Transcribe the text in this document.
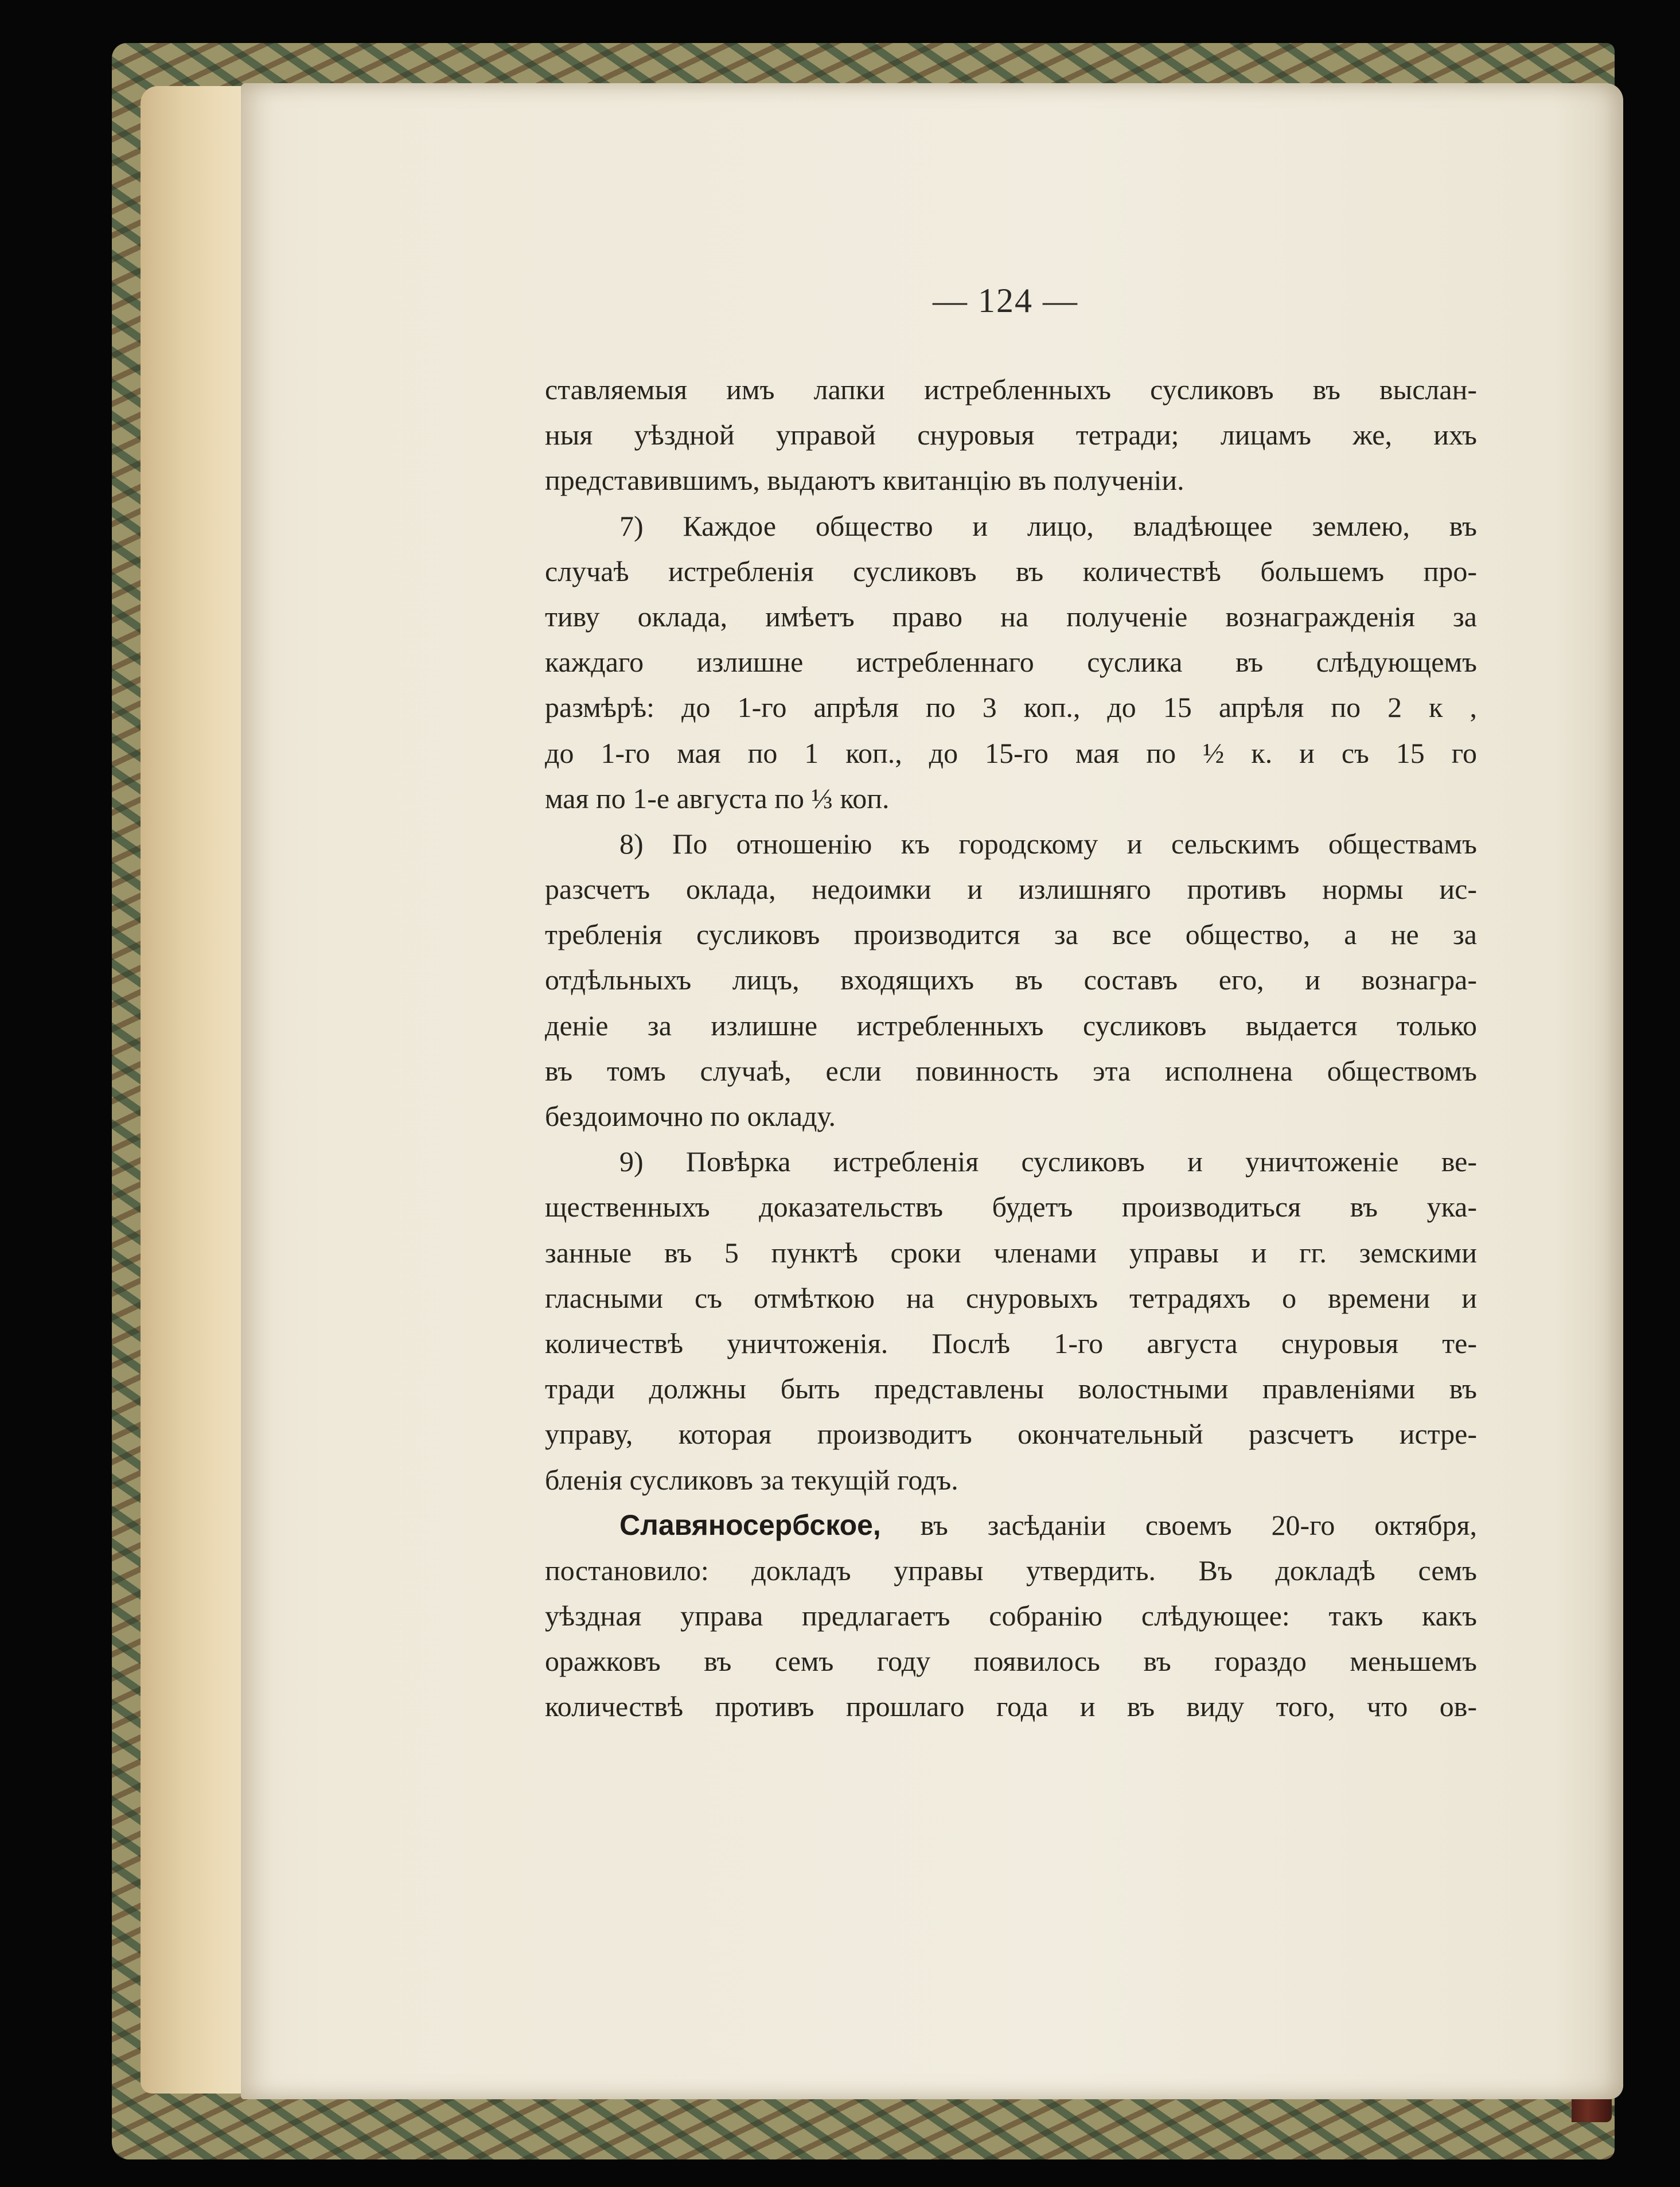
— 124 —
ставляемыя имъ лапки истребленныхъ сусликовъ въ выслан-
ныя уѣздной управой снуровыя тетради; лицамъ же, ихъ
представившимъ, выдаютъ квитанцію въ полученіи.
7) Каждое общество и лицо, владѣющее землею, въ
случаѣ истребленія сусликовъ въ количествѣ большемъ про-
тиву оклада, имѣетъ право на полученіе вознагражденія за
каждаго излишне истребленнаго суслика въ слѣдующемъ
размѣрѣ: до 1-го апрѣля по 3 коп., до 15 апрѣля по 2 к ,
до 1-го мая по 1 коп., до 15-го мая по ½ к. и съ 15 го
мая по 1-е августа по ⅓ коп.
8) По отношенію къ городскому и сельскимъ обществамъ
разсчетъ оклада, недоимки и излишняго противъ нормы ис-
требленія сусликовъ производится за все общество, а не за
отдѣльныхъ лицъ, входящихъ въ составъ его, и вознагра-
деніе за излишне истребленныхъ сусликовъ выдается только
въ томъ случаѣ, если повинность эта исполнена обществомъ
бездоимочно по окладу.
9) Повѣрка истребленія сусликовъ и уничтоженіе ве-
щественныхъ доказательствъ будетъ производиться въ ука-
занные въ 5 пунктѣ сроки членами управы и гг. земскими
гласными съ отмѣткою на снуровыхъ тетрадяхъ о времени и
количествѣ уничтоженія. Послѣ 1-го августа снуровыя те-
тради должны быть представлены волостными правленіями въ
управу, которая производитъ окончательный разсчетъ истре-
бленія сусликовъ за текущій годъ.
Славяносербское, въ засѣданіи своемъ 20-го октября,
постановило: докладъ управы утвердить. Въ докладѣ семъ
уѣздная управа предлагаетъ собранію слѣдующее: такъ какъ
оражковъ въ семъ году появилось въ гораздо меньшемъ
количествѣ противъ прошлаго года и въ виду того, что ов-
